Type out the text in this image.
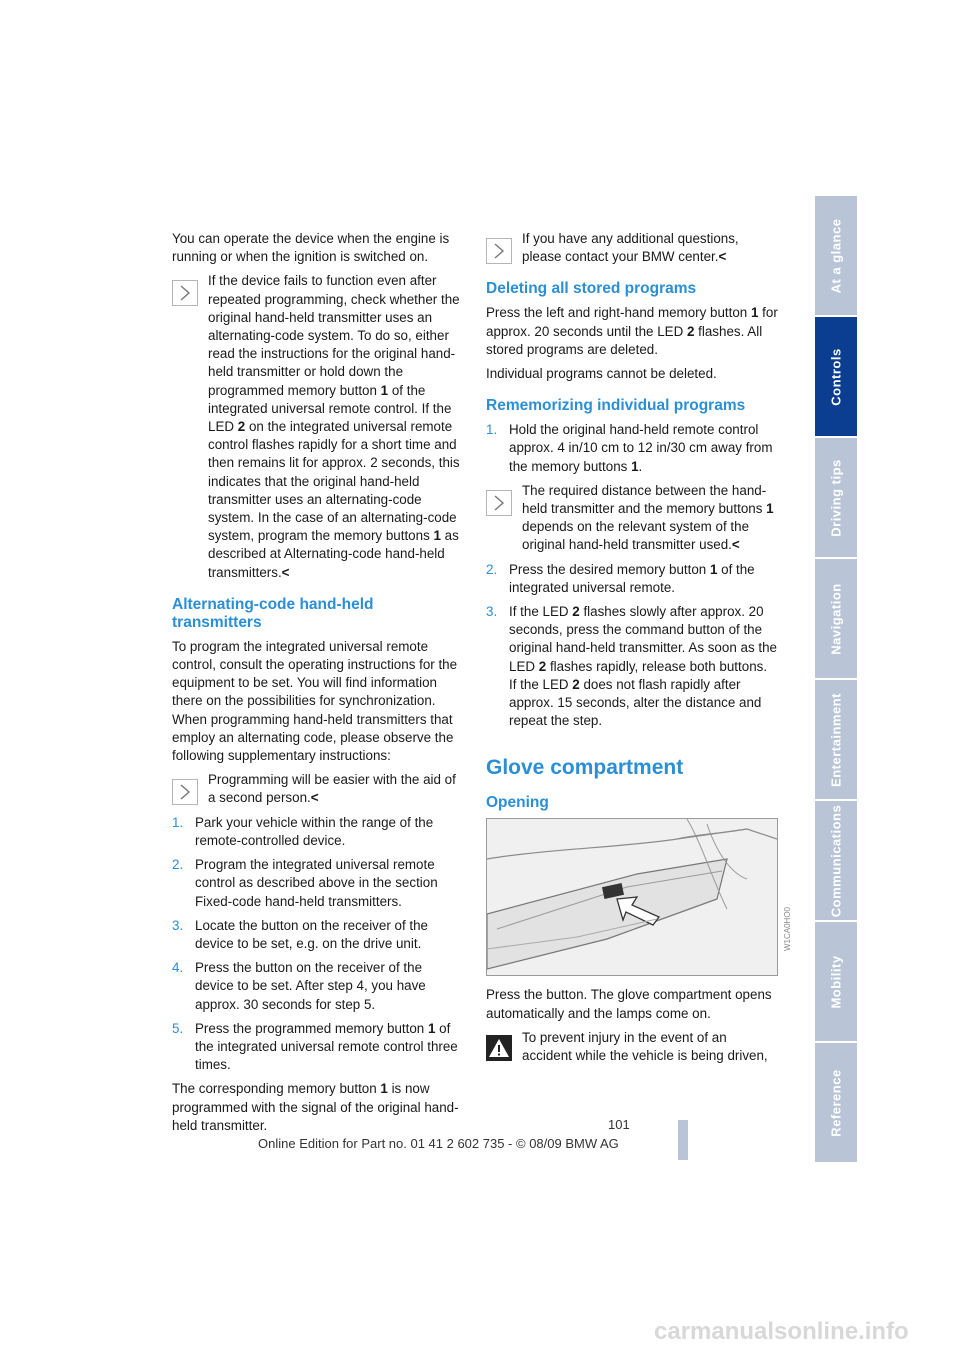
You can operate the device when the engine is running or when the ignition is switched on.

If the device fails to function even after repeated programming, check whether the original hand-held transmitter uses an alternating-code system. To do so, either read the instructions for the original hand-held transmitter or hold down the programmed memory button 1 of the integrated universal remote control. If the LED 2 on the integrated universal remote control flashes rapidly for a short time and then remains lit for approx. 2 seconds, this indicates that the original hand-held transmitter uses an alternating-code system. In the case of an alternating-code system, program the memory buttons 1 as described at Alternating-code hand-held transmitters.<

Alternating-code hand-held transmitters

To program the integrated universal remote control, consult the operating instructions for the equipment to be set. You will find information there on the possibilities for synchronization.

When programming hand-held transmitters that employ an alternating code, please observe the following supplementary instructions:

Programming will be easier with the aid of a second person.<

1. Park your vehicle within the range of the remote-controlled device.
2. Program the integrated universal remote control as described above in the section Fixed-code hand-held transmitters.
3. Locate the button on the receiver of the device to be set, e.g. on the drive unit.
4. Press the button on the receiver of the device to be set. After step 4, you have approx. 30 seconds for step 5.
5. Press the programmed memory button 1 of the integrated universal remote control three times.

The corresponding memory button 1 is now programmed with the signal of the original hand-held transmitter.

If you have any additional questions, please contact your BMW center.<

Deleting all stored programs

Press the left and right-hand memory button 1 for approx. 20 seconds until the LED 2 flashes. All stored programs are deleted.

Individual programs cannot be deleted.

Rememorizing individual programs
1. Hold the original hand-held remote control approx. 4 in/10 cm to 12 in/30 cm away from the memory buttons 1.

The required distance between the hand-held transmitter and the memory buttons 1 depends on the relevant system of the original hand-held transmitter used.<

2. Press the desired memory button 1 of the integrated universal remote.
3. If the LED 2 flashes slowly after approx. 20 seconds, press the command button of the original hand-held transmitter. As soon as the LED 2 flashes rapidly, release both buttons. If the LED 2 does not flash rapidly after approx. 15 seconds, alter the distance and repeat the step.
Glove compartment
Opening
W1CA0HO0

Press the button. The glove compartment opens automatically and the lamps come on.

To prevent injury in the event of an accident while the vehicle is being driven,

At a glance
Controls
Driving tips
Navigation
Entertainment
Communications
Mobility
Reference
101
Online Edition for Part no. 01 41 2 602 735 - © 08/09 BMW AG
carmanualsonline.info
